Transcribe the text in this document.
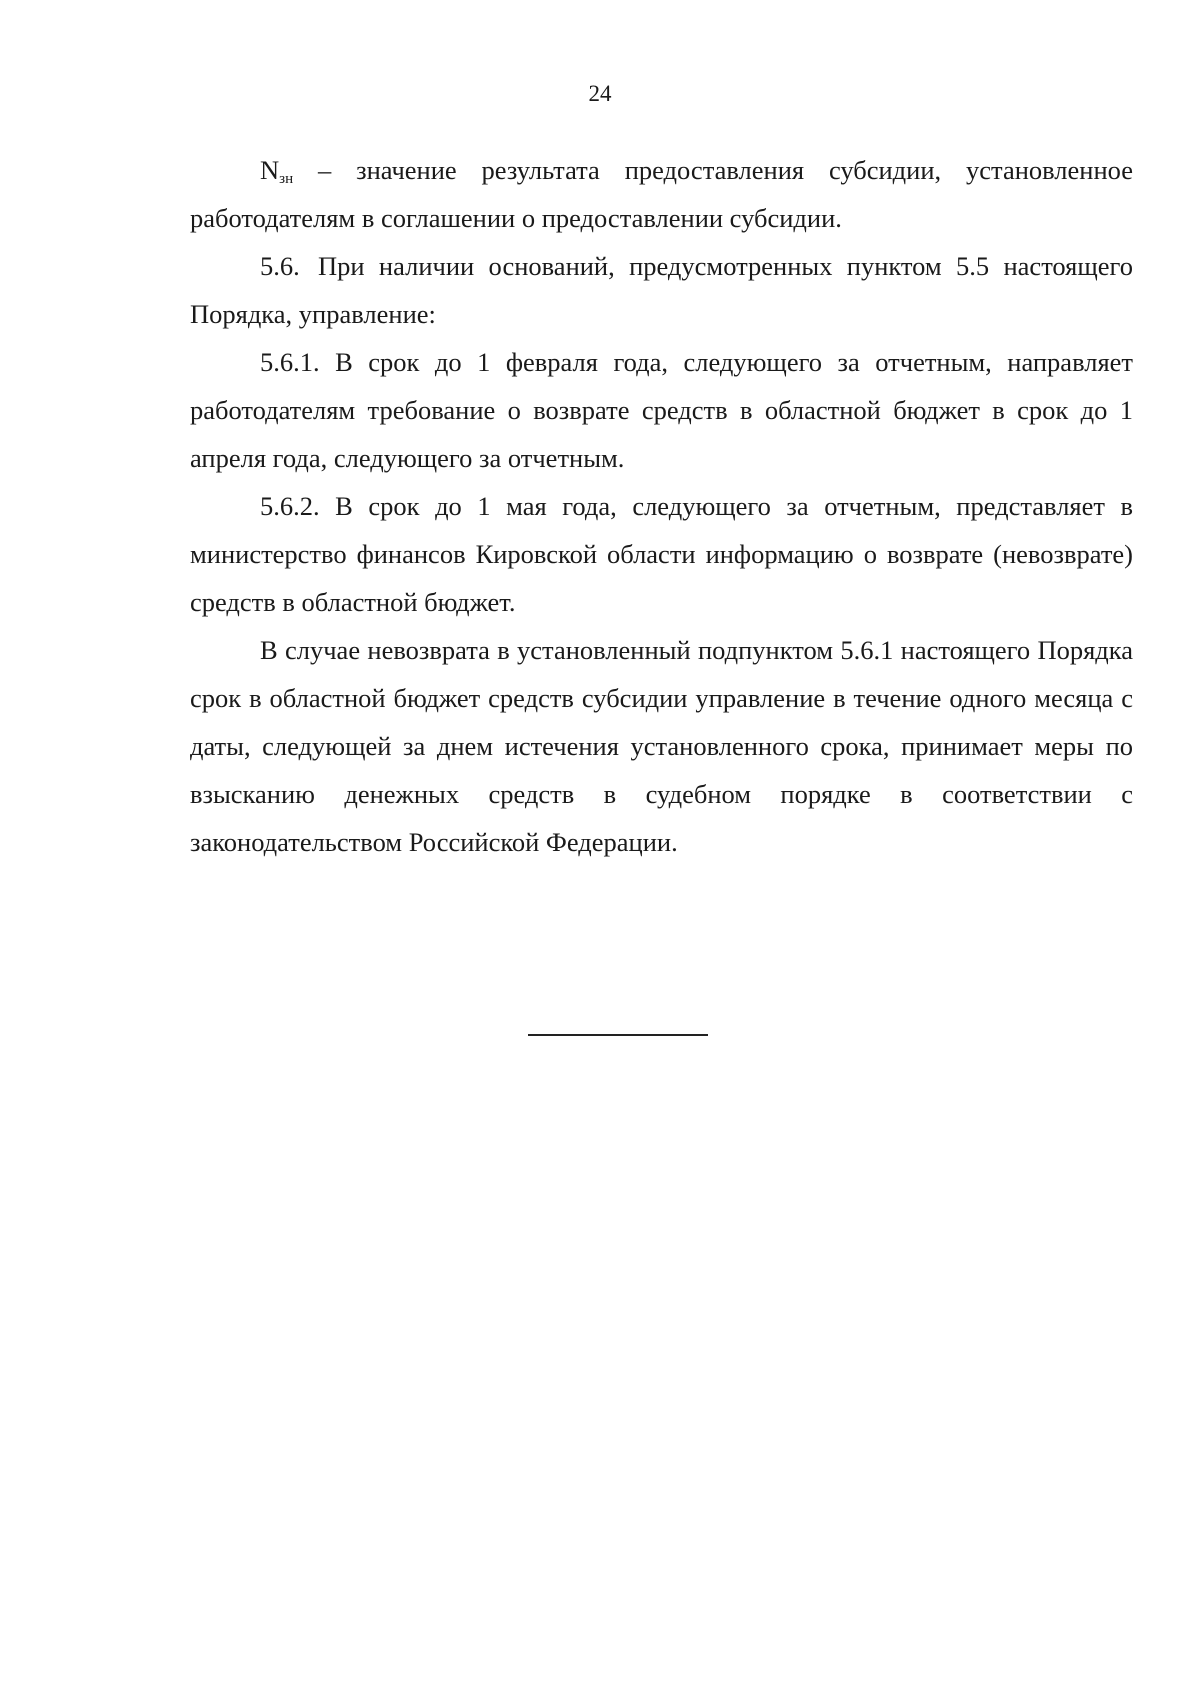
24

$N_{зн}$ – значение результата предоставления субсидии, установленное работодателям в соглашении о предоставлении субсидии.

5.6. При наличии оснований, предусмотренных пунктом 5.5 настоящего Порядка, управление:

5.6.1. В срок до 1 февраля года, следующего за отчетным, направляет работодателям требование о возврате средств в областной бюджет в срок до 1 апреля года, следующего за отчетным.

5.6.2. В срок до 1 мая года, следующего за отчетным, представляет в министерство финансов Кировской области информацию о возврате (невозврате) средств в областной бюджет.

В случае невозврата в установленный подпунктом 5.6.1 настоящего Порядка срок в областной бюджет средств субсидии управление в течение одного месяца с даты, следующей за днем истечения установленного срока, принимает меры по взысканию денежных средств в судебном порядке в соответствии с законодательством Российской Федерации.
